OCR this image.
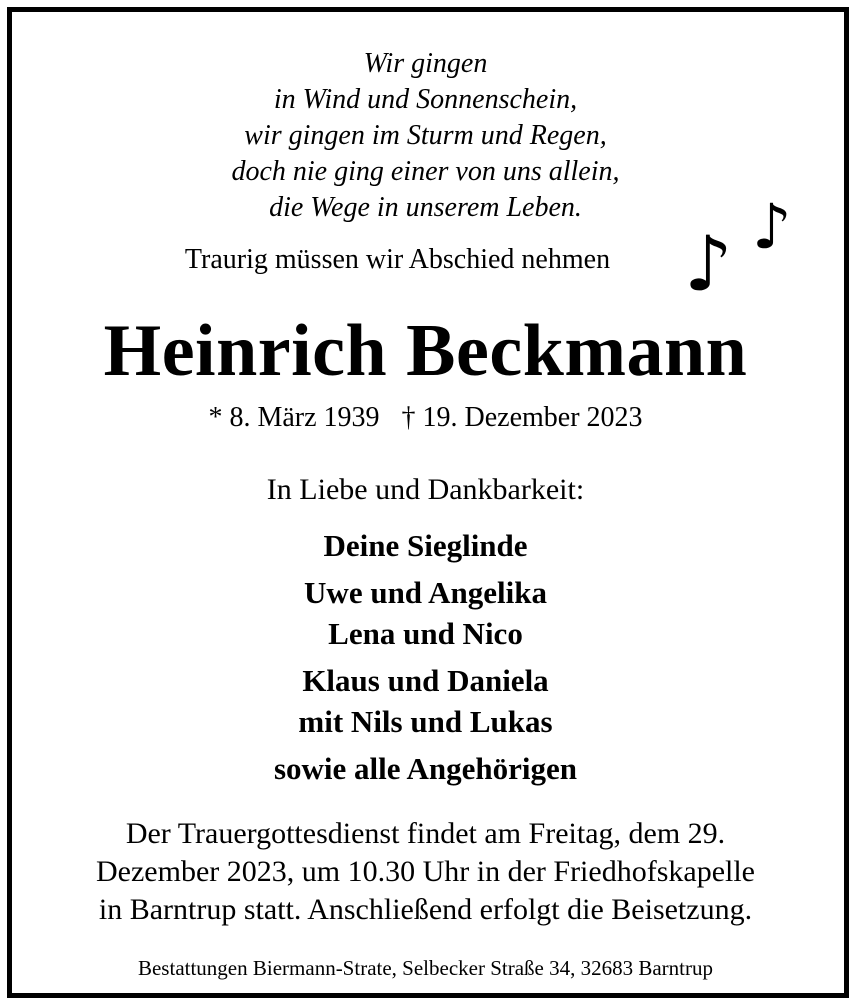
Wir gingen
in Wind und Sonnenschein,
wir gingen im Sturm und Regen,
doch nie ging einer von uns allein,
die Wege in unserem Leben.
Traurig müssen wir Abschied nehmen ♪ ♪
Heinrich Beckmann
* 8. März 1939 † 19. Dezember 2023
In Liebe und Dankbarkeit:
Deine Sieglinde
Uwe und Angelika
Lena und Nico
Klaus und Daniela
mit Nils und Lukas
sowie alle Angehörigen
Der Trauergottesdienst findet am Freitag, dem 29.
Dezember 2023, um 10.30 Uhr in der Friedhofskapelle
in Barntrup statt. Anschließend erfolgt die Beisetzung.
Bestattungen Biermann-Strate, Selbecker Straße 34, 32683 Barntrup
